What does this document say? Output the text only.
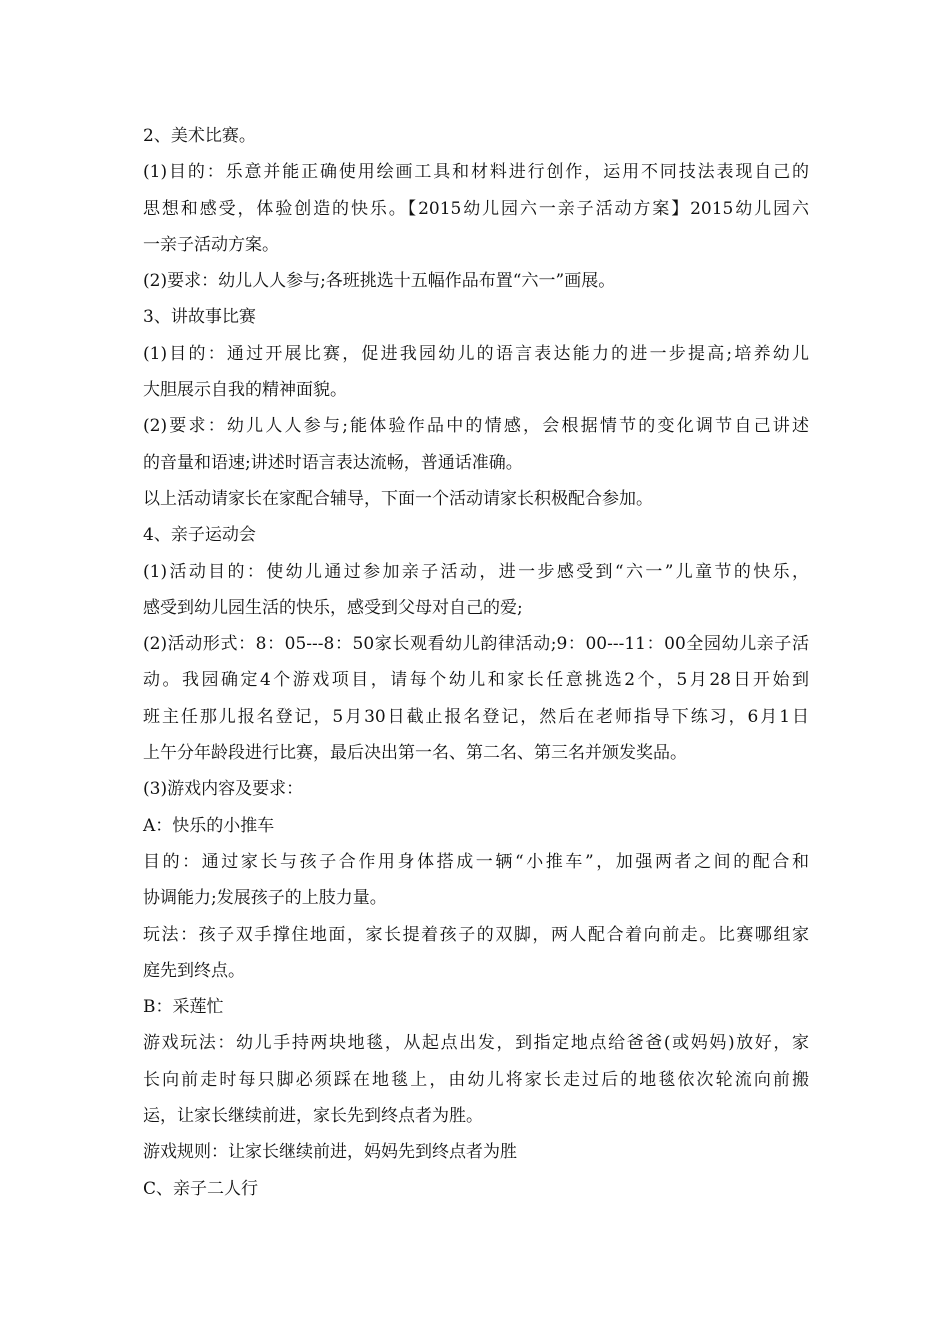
2、美术比赛。
(1)目的：乐意并能正确使用绘画工具和材料进行创作，运用不同技法表现自己的
思想和感受，体验创造的快乐。【2015幼儿园六一亲子活动方案】2015幼儿园六
一亲子活动方案。
(2)要求：幼儿人人参与;各班挑选十五幅作品布置“六一”画展。
3、讲故事比赛
(1)目的：通过开展比赛，促进我园幼儿的语言表达能力的进一步提高;培养幼儿
大胆展示自我的精神面貌。
(2)要求：幼儿人人参与;能体验作品中的情感，会根据情节的变化调节自己讲述
的音量和语速;讲述时语言表达流畅，普通话准确。
以上活动请家长在家配合辅导，下面一个活动请家长积极配合参加。
4、亲子运动会
(1)活动目的：使幼儿通过参加亲子活动，进一步感受到“六一”儿童节的快乐，
感受到幼儿园生活的快乐，感受到父母对自己的爱;
(2)活动形式：8：05---8：50家长观看幼儿韵律活动;9：00---11：00全园幼儿亲子活
动。我园确定4个游戏项目，请每个幼儿和家长任意挑选2个，5月28日开始到
班主任那儿报名登记，5月30日截止报名登记，然后在老师指导下练习，6月1日
上午分年龄段进行比赛，最后决出第一名、第二名、第三名并颁发奖品。
(3)游戏内容及要求：
A：快乐的小推车
目的：通过家长与孩子合作用身体搭成一辆“小推车”，加强两者之间的配合和
协调能力;发展孩子的上肢力量。
玩法：孩子双手撑住地面，家长提着孩子的双脚，两人配合着向前走。比赛哪组家
庭先到终点。
B：采莲忙
游戏玩法：幼儿手持两块地毯，从起点出发，到指定地点给爸爸(或妈妈)放好，家
长向前走时每只脚必须踩在地毯上，由幼儿将家长走过后的地毯依次轮流向前搬
运，让家长继续前进，家长先到终点者为胜。
游戏规则：让家长继续前进，妈妈先到终点者为胜
C、亲子二人行
